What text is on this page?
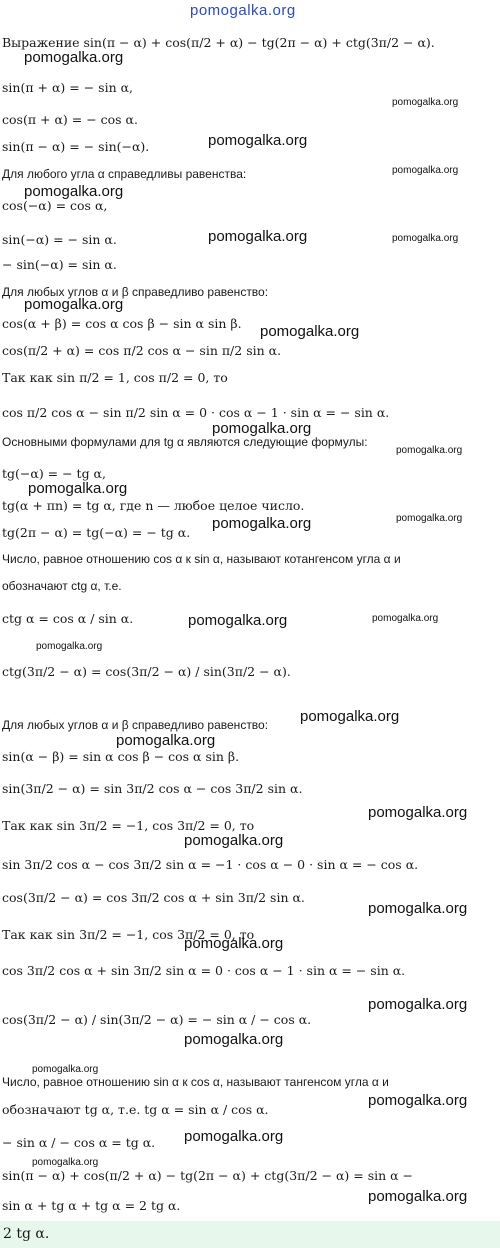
pomogalka.org
Выражение sin(π − α) + cos(π/2 + α) − tg(2π − α) + ctg(3π/2 − α).
sin(π + α) = − sin α,
cos(π + α) = − cos α.
sin(π − α) = − sin(−α).
Для любого угла α справедливы равенства:
cos(−α) = cos α,
sin(−α) = − sin α.
− sin(−α) = sin α.
Для любых углов α и β справедливо равенство:
cos(α + β) = cos α cos β − sin α sin β.
cos(π/2 + α) = cos π/2 cos α − sin π/2 sin α.
Так как sin π/2 = 1, cos π/2 = 0, то
cos π/2 cos α − sin π/2 sin α = 0 · cos α − 1 · sin α = − sin α.
Основными формулами для tg α являются следующие формулы:
tg(−α) = − tg α,
tg(α + πn) = tg α, где n — любое целое число.
tg(2π − α) = tg(−α) = − tg α.
Число, равное отношению cos α к sin α, называют котангенсом угла α и
обозначают ctg α, т.е.
ctg α = cos α / sin α.
ctg(3π/2 − α) = cos(3π/2 − α) / sin(3π/2 − α).
Для любых углов α и β справедливо равенство:
sin(α − β) = sin α cos β − cos α sin β.
sin(3π/2 − α) = sin 3π/2 cos α − cos 3π/2 sin α.
Так как sin 3π/2 = −1, cos 3π/2 = 0, то
sin 3π/2 cos α − cos 3π/2 sin α = −1 · cos α − 0 · sin α = − cos α.
cos(3π/2 − α) = cos 3π/2 cos α + sin 3π/2 sin α.
Так как sin 3π/2 = −1, cos 3π/2 = 0, то
cos 3π/2 cos α + sin 3π/2 sin α = 0 · cos α − 1 · sin α = − sin α.
cos(3π/2 − α) / sin(3π/2 − α) = − sin α / − cos α.
Число, равное отношению sin α к cos α, называют тангенсом угла α и
обозначают tg α, т.е. tg α = sin α / cos α.
− sin α / − cos α = tg α.
sin(π − α) + cos(π/2 + α) − tg(2π − α) + ctg(3π/2 − α) = sin α −
sin α + tg α + tg α = 2 tg α.
2 tg α.
pomogalka.org
pomogalka.org
pomogalka.org
pomogalka.org
pomogalka.org
pomogalka.org	pomogalka.org
pomogalka.org
pomogalka.org
pomogalka.org
pomogalka.org
pomogalka.org
pomogalka.org	pomogalka.org
pomogalka.org	pomogalka.org
pomogalka.org
pomogalka.org
pomogalka.org
pomogalka.org
pomogalka.org
pomogalka.org
pomogalka.org
pomogalka.org
pomogalka.org
pomogalka.org
pomogalka.org
pomogalka.org
pomogalka.org
pomogalka.org
